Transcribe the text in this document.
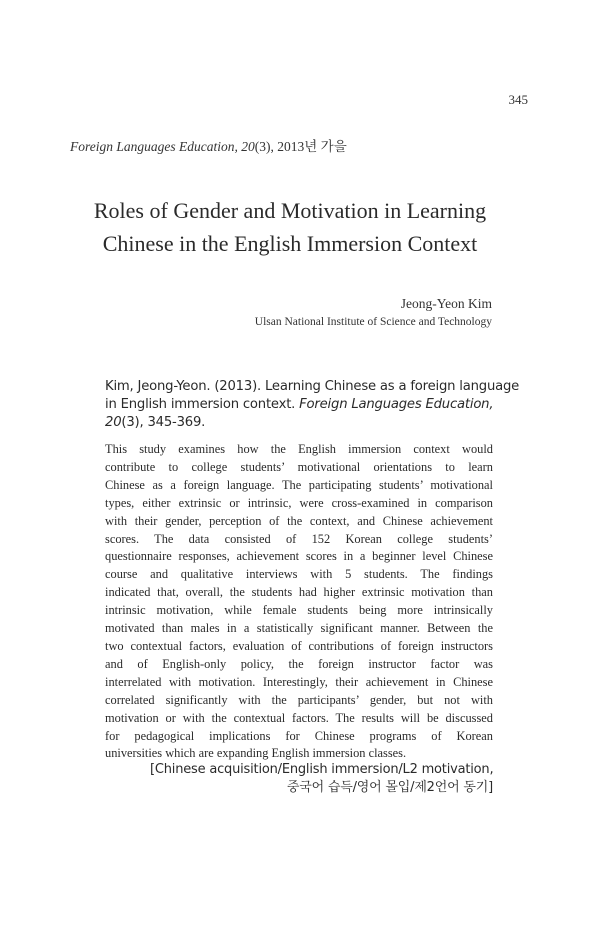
345
Foreign Languages Education, 20(3), 2013년 가을
Roles of Gender and Motivation in Learning
Chinese in the English Immersion Context
Jeong-Yeon Kim
Ulsan National Institute of Science and Technology
Kim, Jeong-Yeon. (2013). Learning Chinese as a foreign language
in English immersion context. Foreign Languages Education,
20(3), 345-369.
This study examines how the English immersion context would
contribute to college students’ motivational orientations to learn
Chinese as a foreign language. The participating students’ motivational
types, either extrinsic or intrinsic, were cross-examined in comparison
with their gender, perception of the context, and Chinese achievement
scores. The data consisted of 152 Korean college students’
questionnaire responses, achievement scores in a beginner level Chinese
course and qualitative interviews with 5 students. The findings
indicated that, overall, the students had higher extrinsic motivation than
intrinsic motivation, while female students being more intrinsically
motivated than males in a statistically significant manner. Between the
two contextual factors, evaluation of contributions of foreign instructors
and of English-only policy, the foreign instructor factor was
interrelated with motivation. Interestingly, their achievement in Chinese
correlated significantly with the participants’ gender, but not with
motivation or with the contextual factors. The results will be discussed
for pedagogical implications for Chinese programs of Korean
universities which are expanding English immersion classes.
[Chinese acquisition/English immersion/L2 motivation,
중국어 습득/영어 몰입/제2언어 동기]
